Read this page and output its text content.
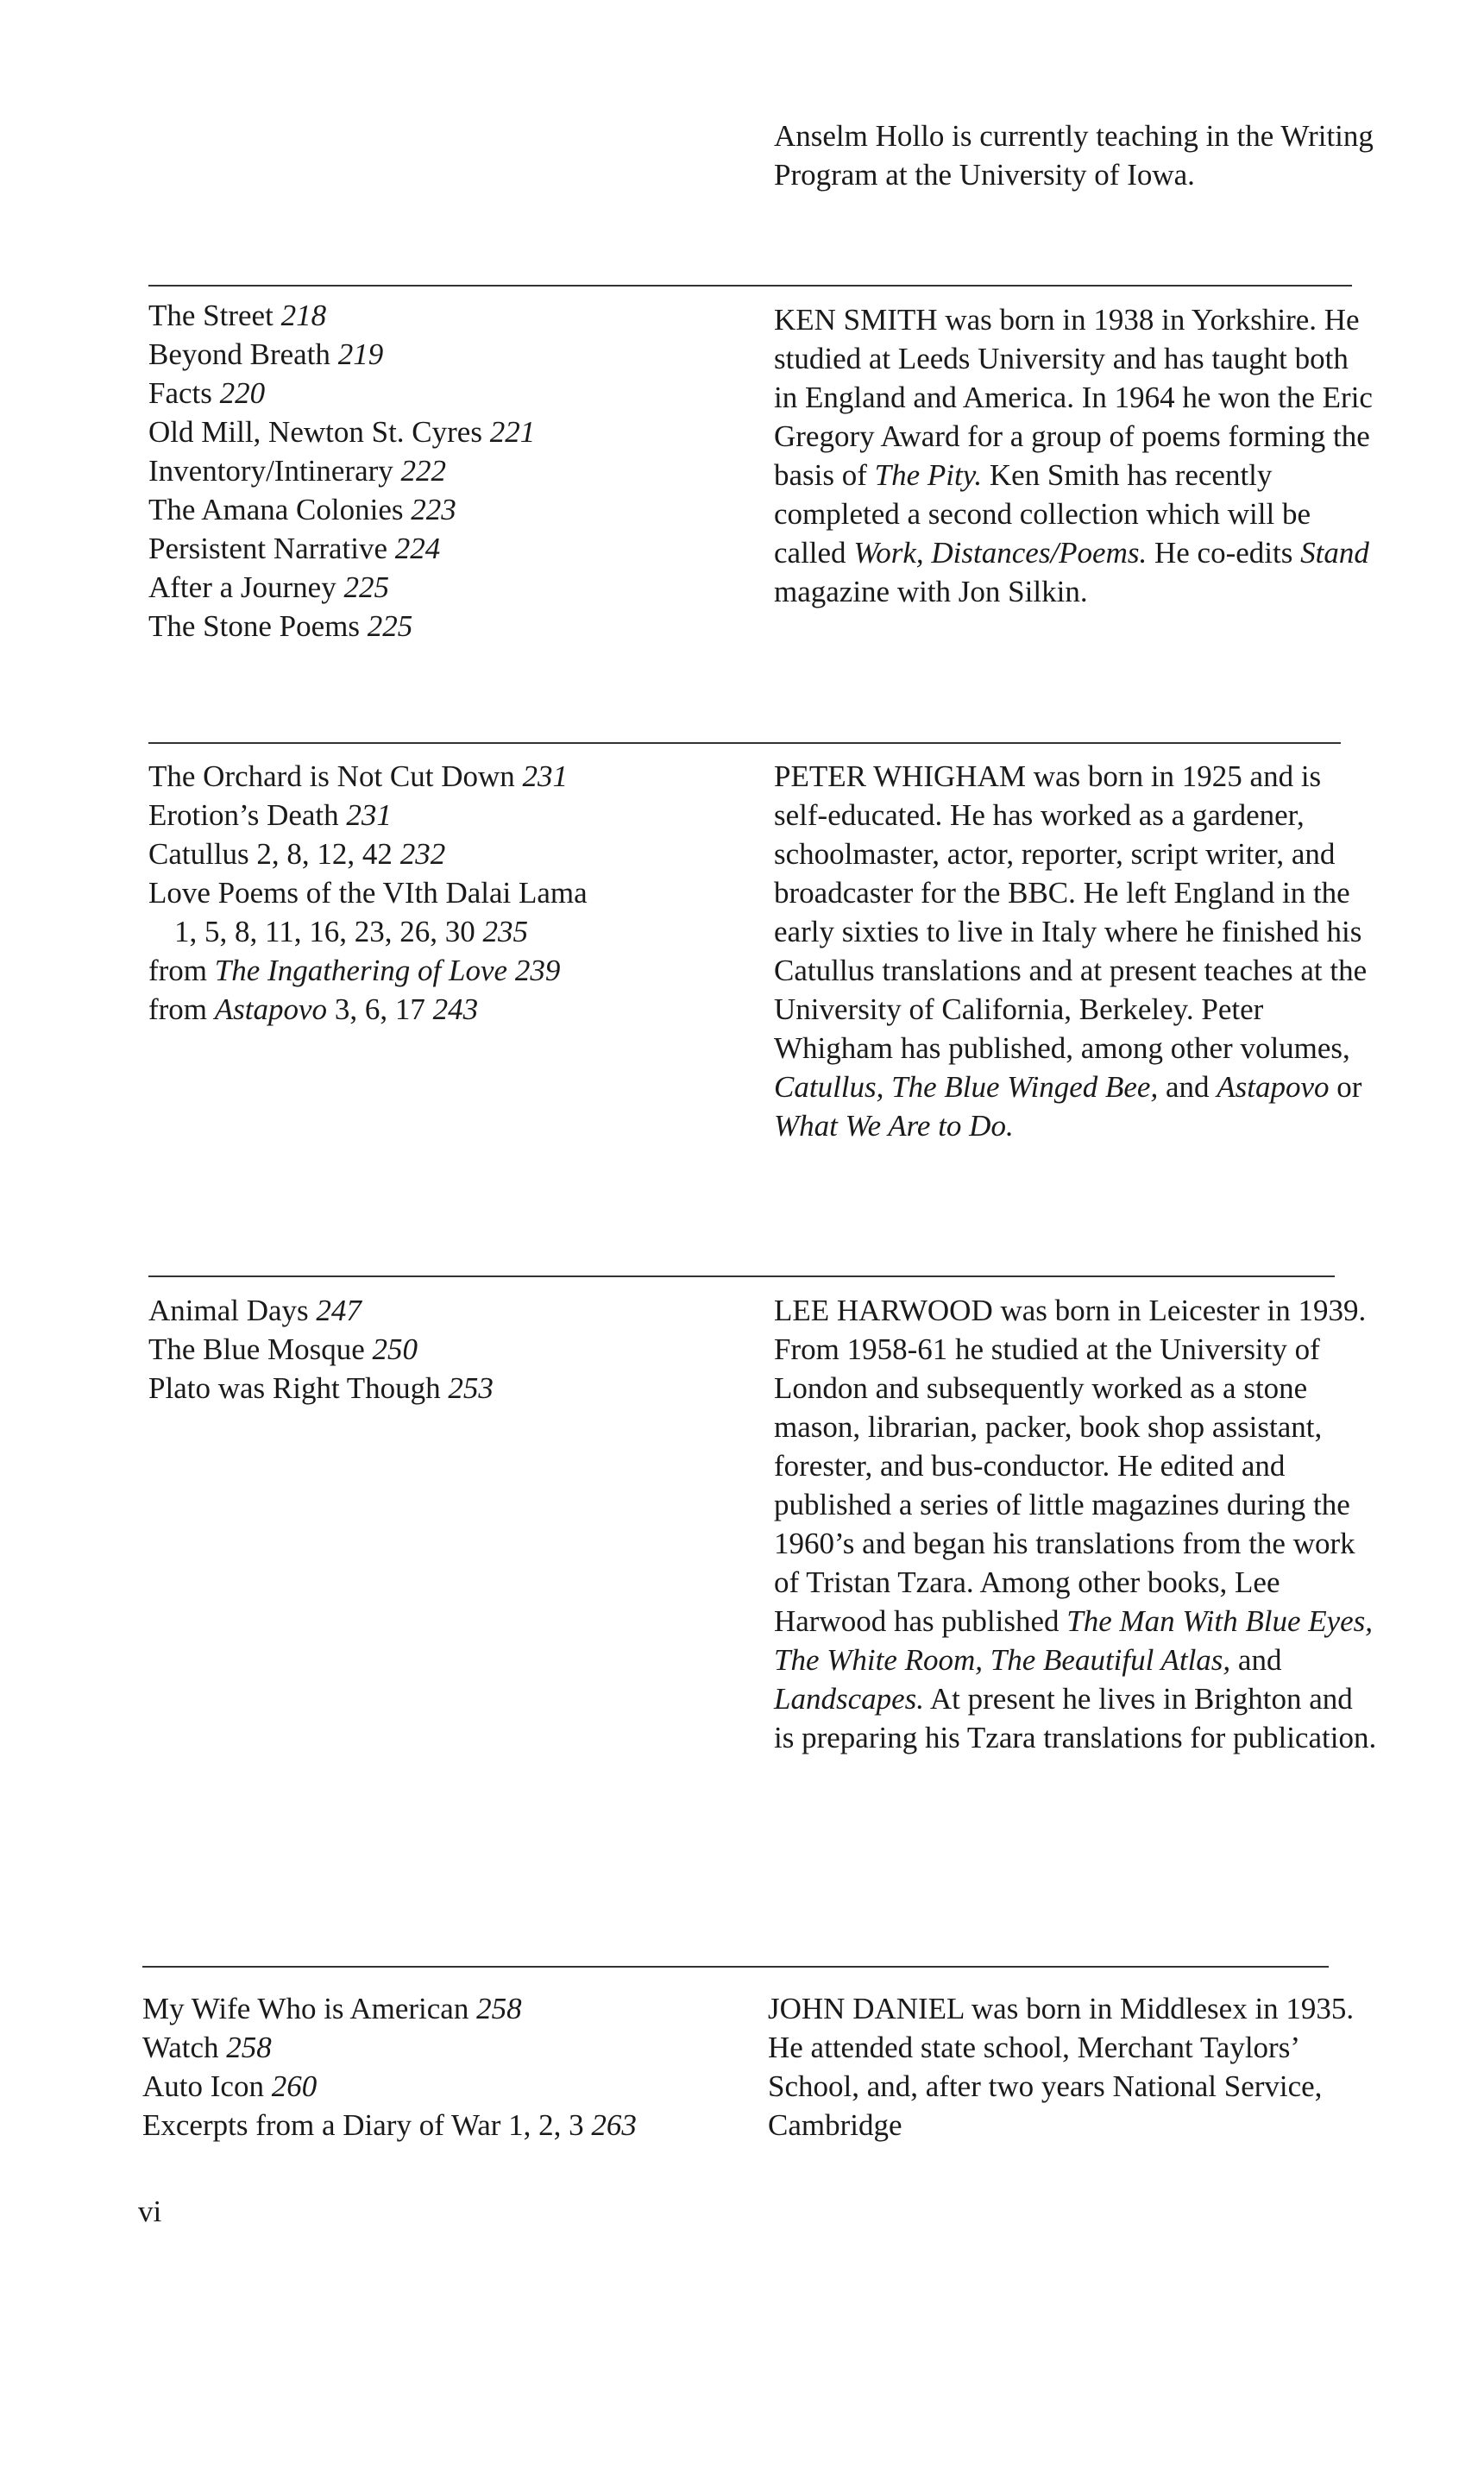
Anselm Hollo is currently teaching in the Writing Program at the University of Iowa.

The Street 218
Beyond Breath 219
Facts 220
Old Mill, Newton St. Cyres 221
Inventory/Intinerary 222
The Amana Colonies 223
Persistent Narrative 224
After a Journey 225
The Stone Poems 225

KEN SMITH was born in 1938 in Yorkshire. He studied at Leeds University and has taught both in England and America. In 1964 he won the Eric Gregory Award for a group of poems forming the basis of The Pity. Ken Smith has recently completed a second collection which will be called Work, Distances/Poems. He co-edits Stand magazine with Jon Silkin.

The Orchard is Not Cut Down 231
Erotion’s Death 231
Catullus 2, 8, 12, 42 232
Love Poems of the VIth Dalai Lama
1, 5, 8, 11, 16, 23, 26, 30 235
from The Ingathering of Love 239
from Astapovo 3, 6, 17 243

PETER WHIGHAM was born in 1925 and is self-educated. He has worked as a gardener, schoolmaster, actor, reporter, script writer, and broadcaster for the BBC. He left England in the early sixties to live in Italy where he finished his Catullus translations and at present teaches at the University of California, Berkeley. Peter Whigham has published, among other volumes, Catullus, The Blue Winged Bee, and Astapovo or What We Are to Do.

Animal Days 247
The Blue Mosque 250
Plato was Right Though 253

LEE HARWOOD was born in Leicester in 1939. From 1958-61 he studied at the University of London and subsequently worked as a stone mason, librarian, packer, book shop assistant, forester, and bus-conductor. He edited and published a series of little magazines during the 1960’s and began his translations from the work of Tristan Tzara. Among other books, Lee Harwood has published The Man With Blue Eyes, The White Room, The Beautiful Atlas, and Landscapes. At present he lives in Brighton and is preparing his Tzara translations for publication.

My Wife Who is American 258
Watch 258
Auto Icon 260
Excerpts from a Diary of War 1, 2, 3 263

JOHN DANIEL was born in Middlesex in 1935. He attended state school, Merchant Taylors’ School, and, after two years National Service, Cambridge

vi
